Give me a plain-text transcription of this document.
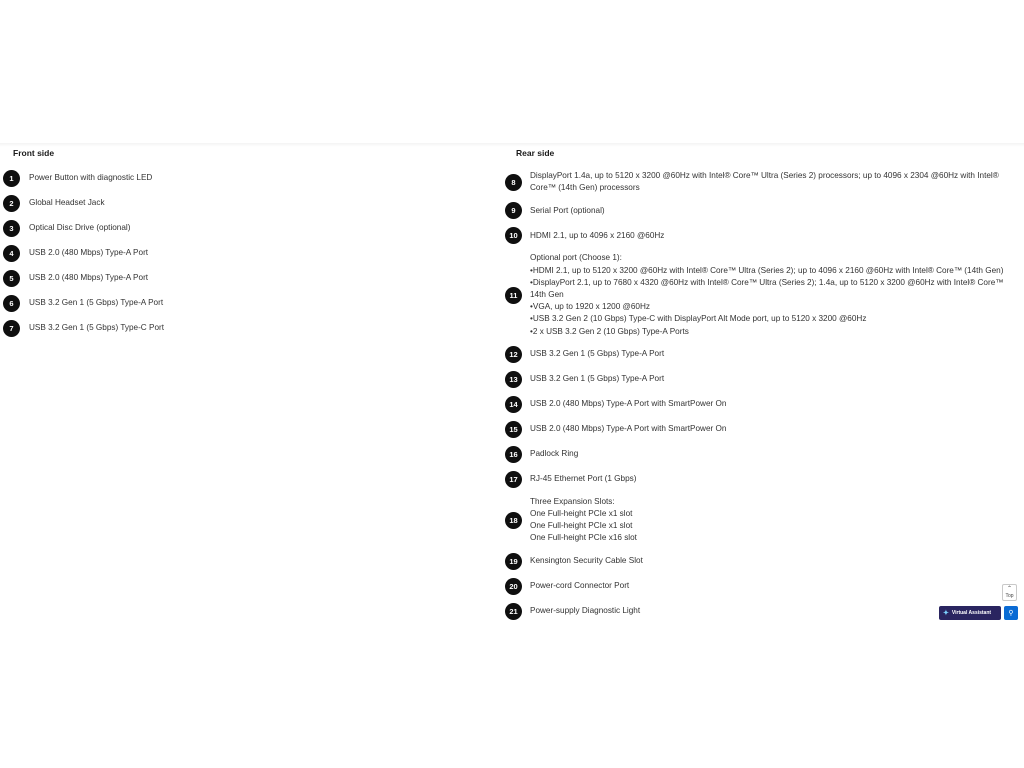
Front side	Rear side
1	Power Button with diagnostic LED
2	Global Headset Jack
3	Optical Disc Drive (optional)
4	USB 2.0 (480 Mbps) Type-A Port
5	USB 2.0 (480 Mbps) Type-A Port
6	USB 3.2 Gen 1 (5 Gbps) Type-A Port
7	USB 3.2 Gen 1 (5 Gbps) Type-C Port
8
DisplayPort 1.4a, up to 5120 x 3200 @60Hz with Intel® Core™ Ultra (Series 2) processors; up to 4096 x 2304 @60Hz with Intel® Core™ (14th Gen) processors
9	Serial Port (optional)
10	HDMI 2.1, up to 4096 x 2160 @60Hz
11
Optional port (Choose 1):
•HDMI 2.1, up to 5120 x 3200 @60Hz with Intel® Core™ Ultra (Series 2); up to 4096 x 2160 @60Hz with Intel® Core™ (14th Gen)
•DisplayPort 2.1, up to 7680 x 4320 @60Hz with Intel® Core™ Ultra (Series 2); 1.4a, up to 5120 x 3200 @60Hz with Intel® Core™ 14th Gen
•VGA, up to 1920 x 1200 @60Hz
•USB 3.2 Gen 2 (10 Gbps) Type-C with DisplayPort Alt Mode port, up to 5120 x 3200 @60Hz
•2 x USB 3.2 Gen 2 (10 Gbps) Type-A Ports
12	USB 3.2 Gen 1 (5 Gbps) Type-A Port
13	USB 3.2 Gen 1 (5 Gbps) Type-A Port
14	USB 2.0 (480 Mbps) Type-A Port with SmartPower On
15	USB 2.0 (480 Mbps) Type-A Port with SmartPower On
16	Padlock Ring
17	RJ-45 Ethernet Port (1 Gbps)
18
Three Expansion Slots:
One Full-height PCIe x1 slot
One Full-height PCIe x1 slot
One Full-height PCIe x16 slot
19	Kensington Security Cable Slot
20	Power-cord Connector Port
21	Power-supply Diagnostic Light
⌃
Top
✦ Virtual Assistant ⚲
